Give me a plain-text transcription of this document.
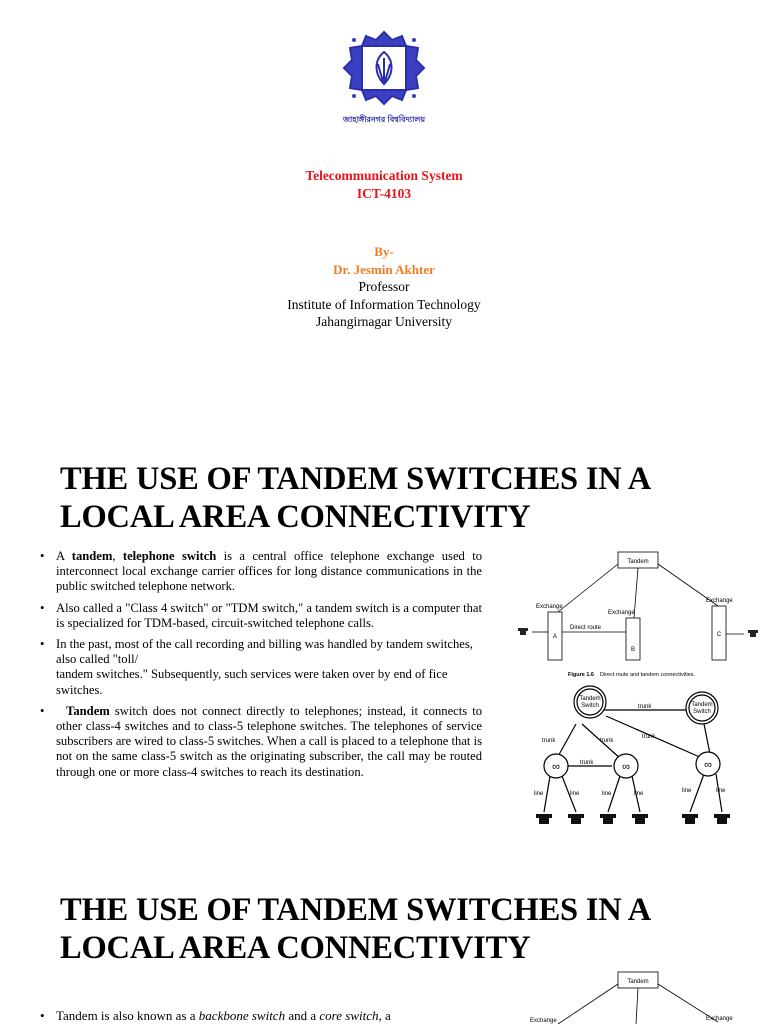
জাহাঙ্গীরনগর বিশ্ববিদ্যালয়
Telecommunication System
ICT-4103
By-
Dr. Jesmin Akhter
Professor
Institute of Information Technology
Jahangirnagar University
THE USE OF TANDEM SWITCHES IN A LOCAL AREA CONNECTIVITY
• A tandem, telephone switch is a central office telephone exchange used to interconnect local exchange carrier offices for long distance communications in the public switched telephone network.
• Also called a "Class 4 switch" or "TDM switch," a tandem switch is a computer that is specialized for TDM-based, circuit-switched telephone calls.
• In the past, most of the call recording and billing was handled by tandem switches, also called "toll/
tandem switches." Subsequently, such services were taken over by end of fice switches.
• Tandem switch does not connect directly to telephones; instead, it connects to other class-4 switches and to class-5 telephone switches. The telephones of service subscribers are wired to class-5 switches. When a call is placed to a telephone that is not on the same class-5 switch as the originating subscriber, the call may be routed through one or more class-4 switches to reach its destination.
Tandem
Exchange
Exchange
Exchange
Direct route
A
B
C
Figure 1.6 Direct route and tandem connectivities.
Tandem
Switch	Tandem
Switch
∞	∞	∞
trunk
trunk	trunk
trunk
trunk
line	line	line	line	line	line
THE USE OF TANDEM SWITCHES IN A LOCAL AREA CONNECTIVITY
• Tandem is also known as a backbone switch and a core switch, a
Tandem
Exchange	Exchange
